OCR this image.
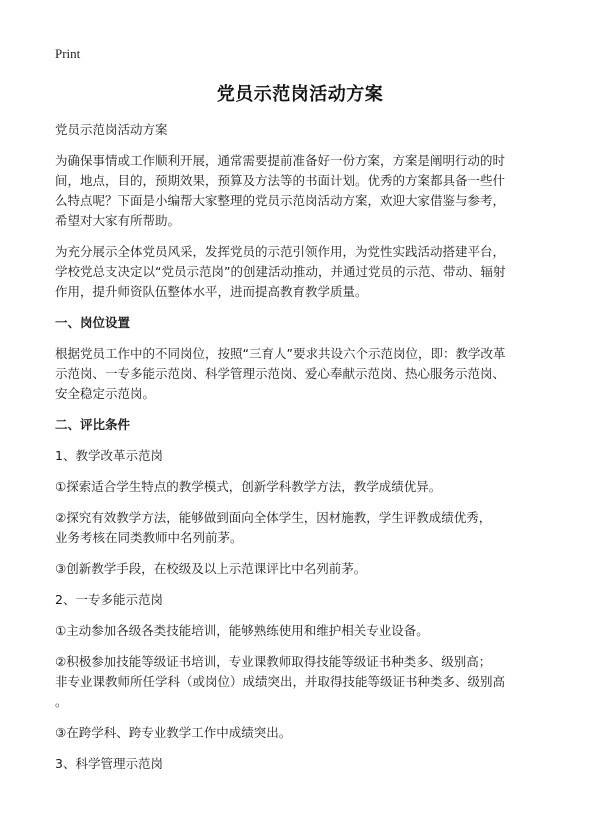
Print
党员示范岗活动方案

党员示范岗活动方案

为确保事情或工作顺利开展，通常需要提前准备好一份方案，方案是阐明行动的时
间，地点，目的，预期效果，预算及方法等的书面计划。优秀的方案都具备一些什
么特点呢？下面是小编帮大家整理的党员示范岗活动方案，欢迎大家借鉴与参考，
希望对大家有所帮助。

为充分展示全体党员风采，发挥党员的示范引领作用，为党性实践活动搭建平台，
学校党总支决定以“党员示范岗”的创建活动推动，并通过党员的示范、带动、辐射
作用，提升师资队伍整体水平，进而提高教育教学质量。

一、岗位设置

根据党员工作中的不同岗位，按照“三育人”要求共设六个示范岗位，即：教学改革
示范岗、一专多能示范岗、科学管理示范岗、爱心奉献示范岗、热心服务示范岗、
安全稳定示范岗。

二、评比条件

1、教学改革示范岗

①探索适合学生特点的教学模式，创新学科教学方法，教学成绩优异。

②探究有效教学方法，能够做到面向全体学生，因材施教，学生评教成绩优秀，
业务考核在同类教师中名列前茅。

③创新教学手段，在校级及以上示范课评比中名列前茅。

2、一专多能示范岗

①主动参加各级各类技能培训，能够熟练使用和维护相关专业设备。

②积极参加技能等级证书培训，专业课教师取得技能等级证书种类多、级别高；
非专业课教师所任学科（或岗位）成绩突出，并取得技能等级证书种类多、级别高
。

③在跨学科、跨专业教学工作中成绩突出。

3、科学管理示范岗
